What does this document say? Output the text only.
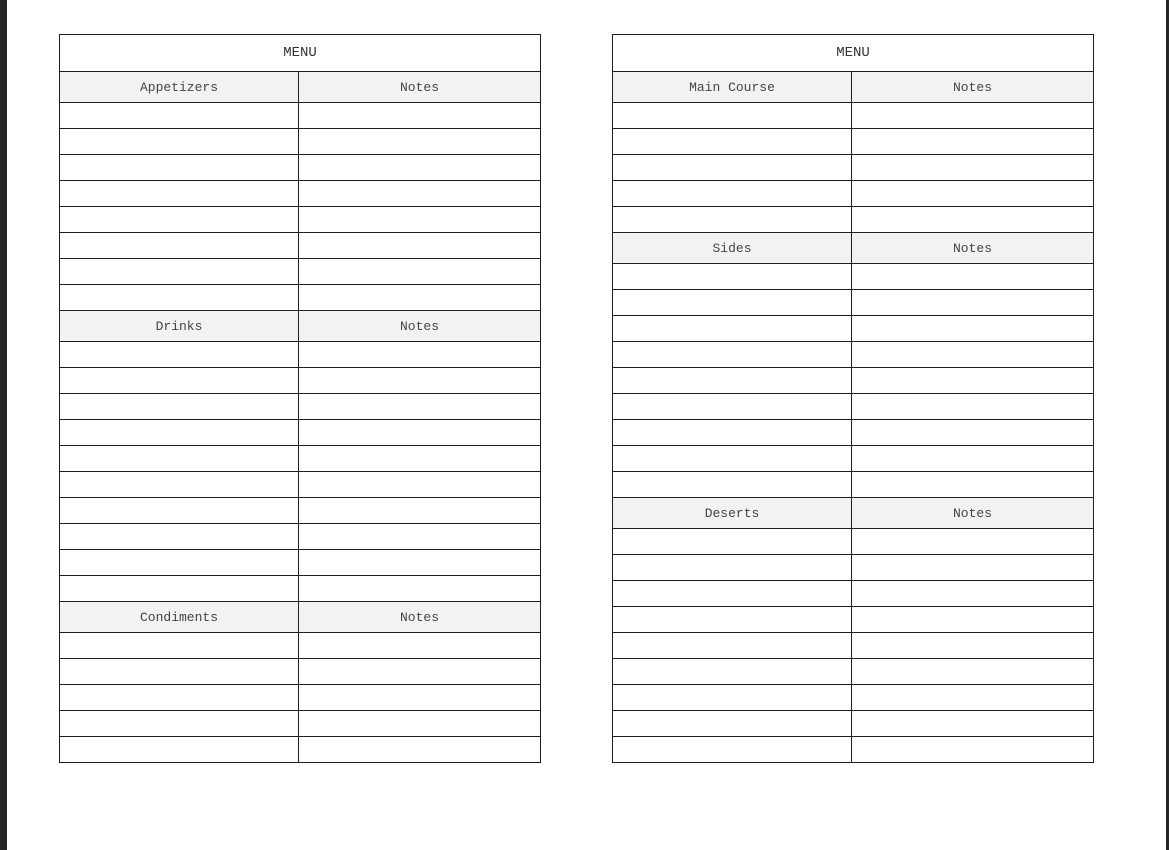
MENU	
Appetizers	Notes

Drinks	Notes

Condiments	Notes

MENU	
Main Course	Notes

Sides	Notes

Deserts	Notes
